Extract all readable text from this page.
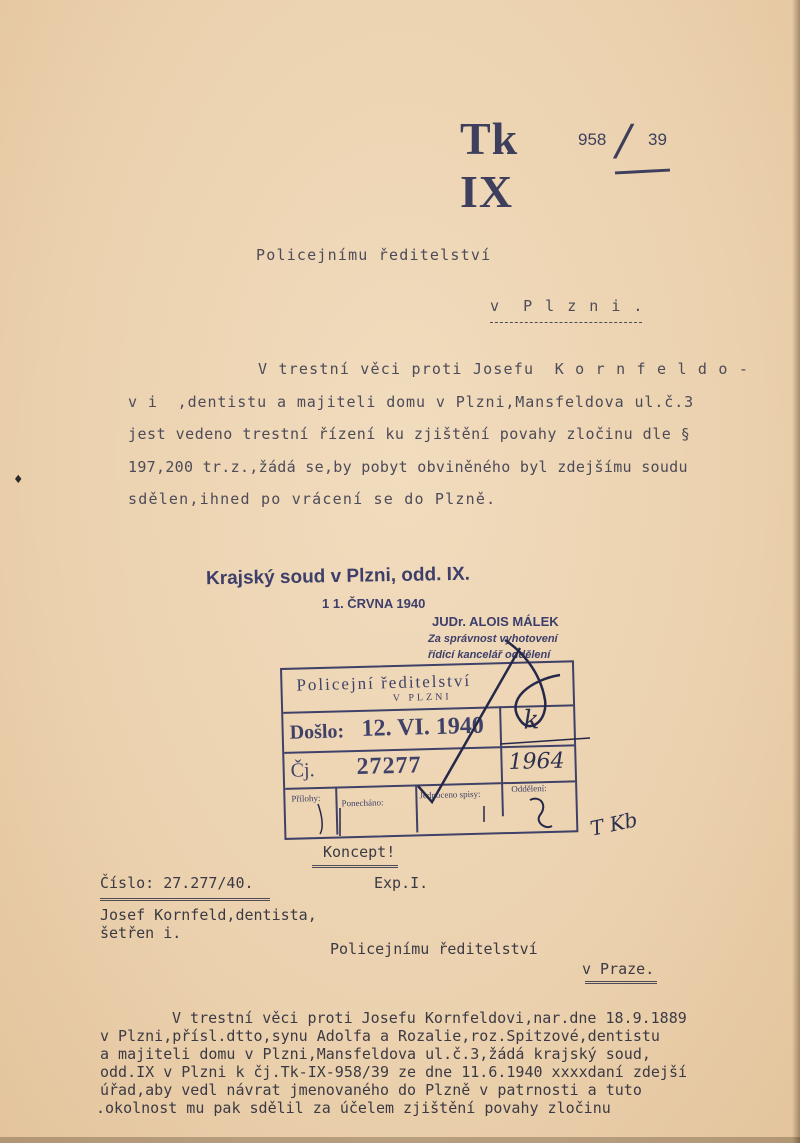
Tk IX
958 / 39
Policejnímu ředitelství
v  P l z n i .
V trestní věci proti Josefu  K o r n f e l d o -
v i  ,dentistu a majiteli domu v Plzni,Mansfeldova ul.č.3
jest vedeno trestní řízení ku zjištění povahy zločinu dle §
197,200 tr.z.,žádá se,by pobyt obviněného byl zdejšímu soudu
sdělen,ihned po vrácení se do Plzně.
♦
Krajský soud v Plzni, odd. IX.
1 1. ČRVNA 1940
JUDr. ALOIS MÁLEK
Za správnost vyhotovení
řídící kancelář oddělení
Policejní ředitelství
V PLZNI
Došlo: 12. VI. 1940 k
Čj. 27277	1964
Přílohy: Ponecháno:
Jednoceno spisy:
Oddělení:
T Kb
Koncept!
Číslo: 27.277/40.	Exp.I.
Josef Kornfeld,dentista,
šetřen i.
Policejnímu ředitelství
v Praze.
V trestní věci proti Josefu Kornfeldovi,nar.dne 18.9.1889
v Plzni,přísl.dtto,synu Adolfa a Rozalie,roz.Spitzové,dentistu
a majiteli domu v Plzni,Mansfeldova ul.č.3,žádá krajský soud,
odd.IX v Plzni k čj.Tk-IX-958/39 ze dne 11.6.1940 xxxxdaní zdejší
úřad,aby vedl návrat jmenovaného do Plzně v patrnosti a tuto
.okolnost mu pak sdělil za účelem zjištění povahy zločinu
